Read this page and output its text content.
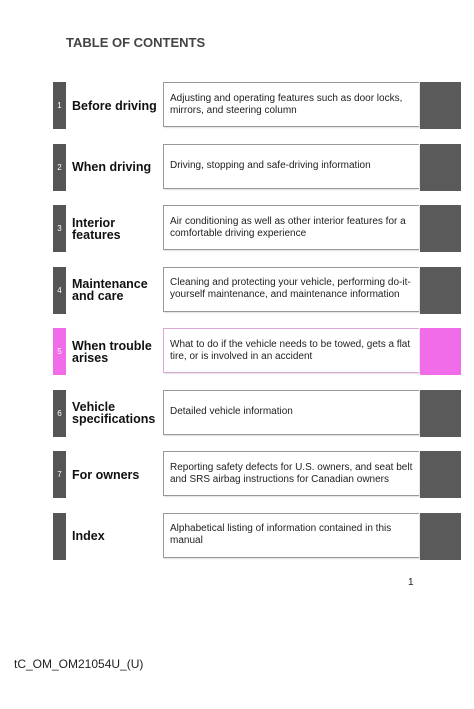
TABLE OF CONTENTS
1 Before driving
Adjusting and operating features such as door locks, mirrors, and steering column
2 When driving	Driving, stopping and safe-driving information
3 Interior features
Air conditioning as well as other interior features for a comfortable driving experience
4 Maintenance and care
Cleaning and protecting your vehicle, performing do-it-yourself maintenance, and maintenance information
5 When trouble arises
What to do if the vehicle needs to be towed, gets a flat tire, or is involved in an accident
6 Vehicle specifications
Detailed vehicle information
7 For owners
Reporting safety defects for U.S. owners, and seat belt and SRS airbag instructions for Canadian owners
Index
Alphabetical listing of information contained in this manual
1
tC_OM_OM21054U_(U)
